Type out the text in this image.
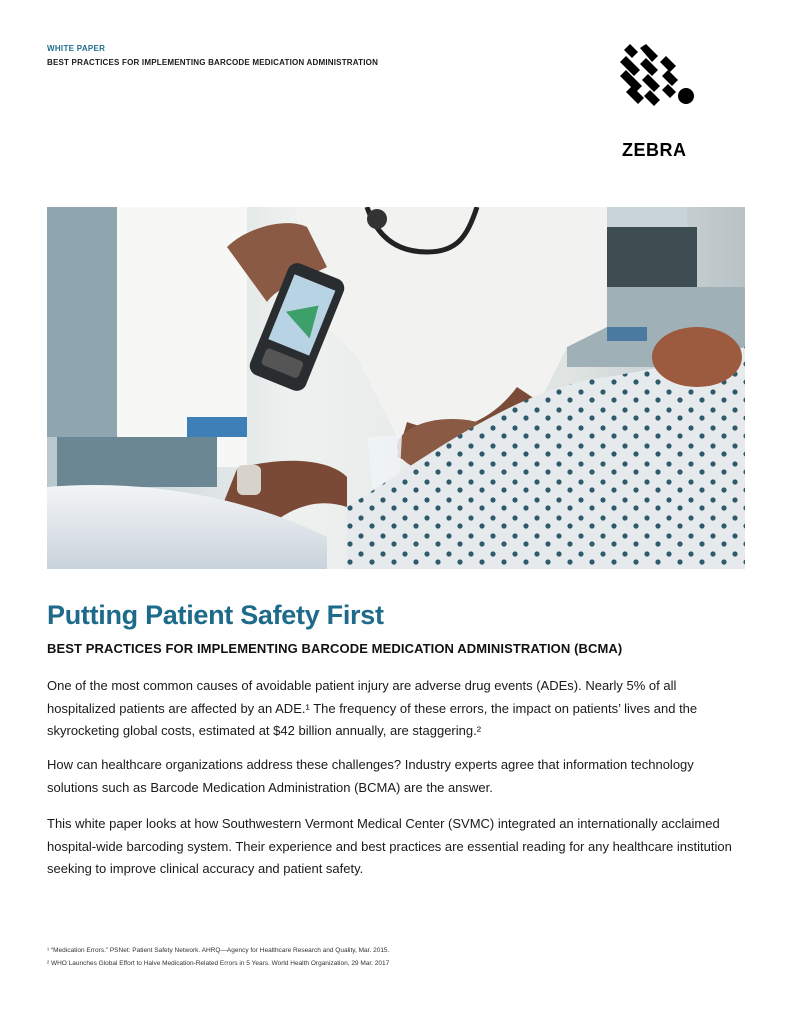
WHITE PAPER
BEST PRACTICES FOR IMPLEMENTING BARCODE MEDICATION ADMINISTRATION
ZEBRA
Putting Patient Safety First
BEST PRACTICES FOR IMPLEMENTING BARCODE MEDICATION ADMINISTRATION (BCMA)

One of the most common causes of avoidable patient injury are adverse drug events (ADEs). Nearly 5% of all hospitalized patients are affected by an ADE.¹ The frequency of these errors, the impact on patients’ lives and the skyrocketing global costs, estimated at $42 billion annually, are staggering.²

How can healthcare organizations address these challenges? Industry experts agree that information technology solutions such as Barcode Medication Administration (BCMA) are the answer.

This white paper looks at how Southwestern Vermont Medical Center (SVMC) integrated an internationally acclaimed hospital-wide barcoding system. Their experience and best practices are essential reading for any healthcare institution seeking to improve clinical accuracy and patient safety.

¹ “Medication Errors.” PSNet: Patient Safety Network. AHRQ—Agency for Healthcare Research and Quality, Mar. 2015.

² WHO Launches Global Effort to Halve Medication-Related Errors in 5 Years. World Health Organization, 29 Mar. 2017
